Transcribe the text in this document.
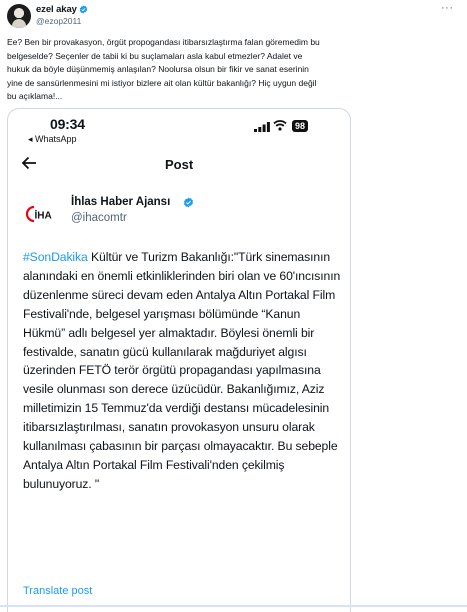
ezel akay
@ezop2011
···
Ee? Ben bir provakasyon, örgüt propogandası itibarsızlaştırma falan göremedim bu
belgeselde? Seçenler de tabii ki bu suçlamaları asla kabul etmezler? Adalet ve
hukuk da böyle düşünmemiş anlaşılan? Noolursa olsun bir fikir ve sanat eserinin
yine de sansürlenmesini mi istiyor bizlere ait olan kültür bakanlığı? Hiç uygun değil
bu açıklama!...
09:34
◂ WhatsApp
98
Post
İHA
İhlas Haber Ajansı
@ihacomtr
#SonDakika Kültür ve Turizm Bakanlığı:"Türk sinemasının alanındaki en önemli etkinliklerinden biri olan ve 60'ıncısının düzenlenme süreci devam eden Antalya Altın Portakal Film Festivali'nde, belgesel yarışması bölümünde “Kanun Hükmü” adlı belgesel yer almaktadır. Böylesi önemli bir festivalde, sanatın gücü kullanılarak mağduriyet algısı üzerinden FETÖ terör örgütü propagandası yapılmasına vesile olunması son derece üzücüdür. Bakanlığımız, Aziz milletimizin 15 Temmuz'da verdiği destansı mücadelesinin itibarsızlaştırılması, sanatın provokasyon unsuru olarak kullanılması çabasının bir parçası olmayacaktır. Bu sebeple Antalya Altın Portakal Film Festivali'nden çekilmiş bulunuyoruz. "
Translate post
